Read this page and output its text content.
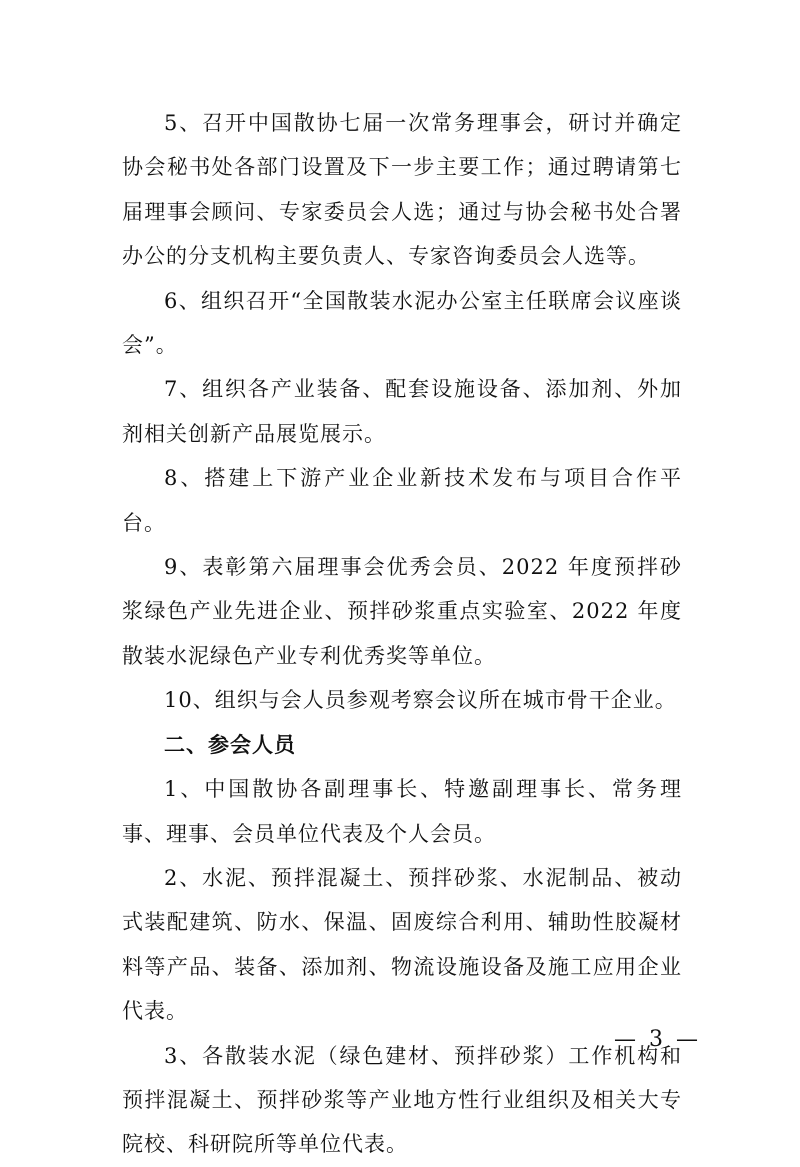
5、召开中国散协七届一次常务理事会，研讨并确定协会秘书处各部门设置及下一步主要工作；通过聘请第七届理事会顾问、专家委员会人选；通过与协会秘书处合署办公的分支机构主要负责人、专家咨询委员会人选等。

6、组织召开“全国散装水泥办公室主任联席会议座谈会”。

7、组织各产业装备、配套设施设备、添加剂、外加剂相关创新产品展览展示。

8、搭建上下游产业企业新技术发布与项目合作平台。

9、表彰第六届理事会优秀会员、2022 年度预拌砂浆绿色产业先进企业、预拌砂浆重点实验室、2022 年度散装水泥绿色产业专利优秀奖等单位。

10、组织与会人员参观考察会议所在城市骨干企业。

二、参会人员

1、中国散协各副理事长、特邀副理事长、常务理事、理事、会员单位代表及个人会员。

2、水泥、预拌混凝土、预拌砂浆、水泥制品、被动式装配建筑、防水、保温、固废综合利用、辅助性胶凝材料等产品、装备、添加剂、物流设施设备及施工应用企业代表。

3、各散装水泥（绿色建材、预拌砂浆）工作机构和预拌混凝土、预拌砂浆等产业地方性行业组织及相关大专院校、科研院所等单位代表。

— 3 —
